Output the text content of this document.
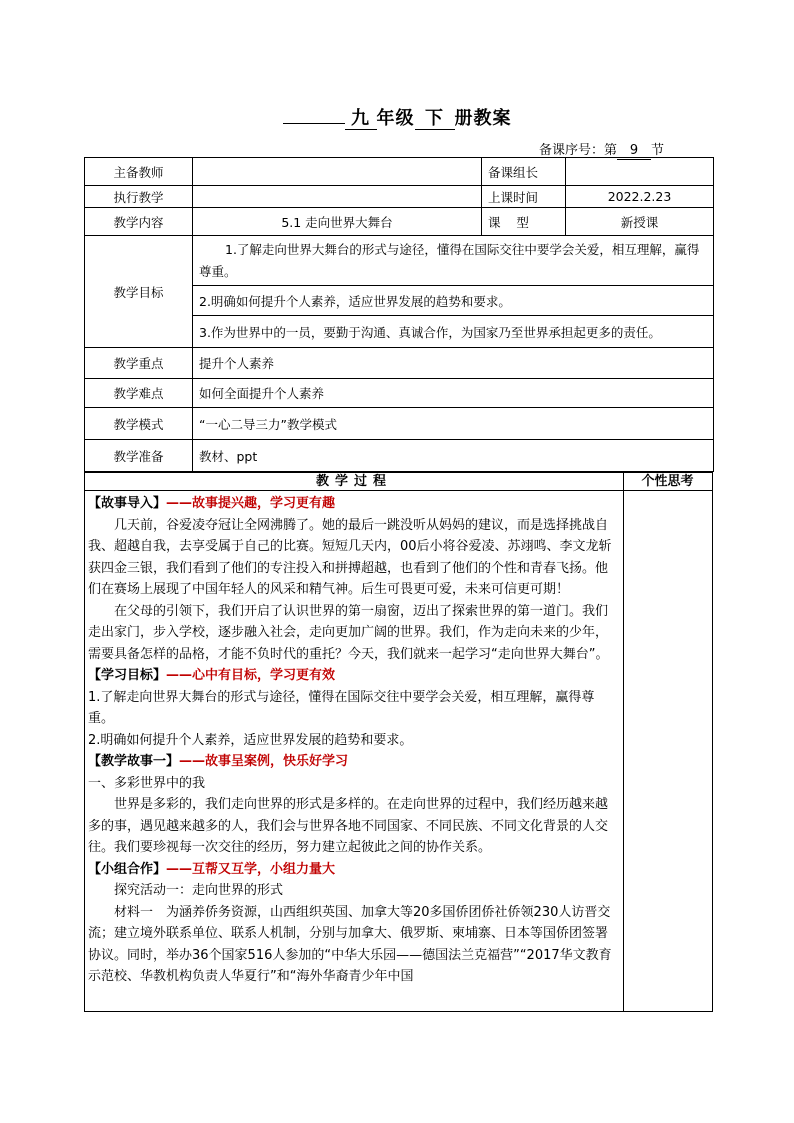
九 年级 下 册教案
备课序号：第 9 节
主备教师		备课组长	
执行教学		上课时间	2022.2.23
教学内容	5.1 走向世界大舞台	课    型	新授课
教学目标	1.了解走向世界大舞台的形式与途径，懂得在国际交往中要学会关爱，相互理解，赢得尊重。		
	2.明确如何提升个人素养，适应世界发展的趋势和要求。		
	3.作为世界中的一员，要勤于沟通、真诚合作，为国家乃至世界承担起更多的责任。		
教学重点	提升个人素养		
教学难点	如何全面提升个人素养		
教学模式	“一心二导三力”教学模式		
教学准备	教材、ppt		
教学过程	个性思考

【故事导入】——故事提兴趣，学习更有趣

几天前，谷爱凌夺冠让全网沸腾了。她的最后一跳没听从妈妈的建议，而是选择挑战自我、超越自我，去享受属于自己的比赛。短短几天内，00后小将谷爱凌、苏翊鸣、李文龙斩获四金三银，我们看到了他们的专注投入和拼搏超越，也看到了他们的个性和青春飞扬。他们在赛场上展现了中国年轻人的风采和精气神。后生可畏更可爱，未来可信更可期！

在父母的引领下，我们开启了认识世界的第一扇窗，迈出了探索世界的第一道门。我们走出家门，步入学校，逐步融入社会，走向更加广阔的世界。我们，作为走向未来的少年，需要具备怎样的品格，才能不负时代的重托？今天，我们就来一起学习“走向世界大舞台”。

【学习目标】——心中有目标，学习更有效

1.了解走向世界大舞台的形式与途径，懂得在国际交往中要学会关爱，相互理解，赢得尊重。

2.明确如何提升个人素养，适应世界发展的趋势和要求。

【教学故事一】——故事呈案例，快乐好学习

一、多彩世界中的我

世界是多彩的，我们走向世界的形式是多样的。在走向世界的过程中，我们经历越来越多的事，遇见越来越多的人，我们会与世界各地不同国家、不同民族、不同文化背景的人交往。我们要珍视每一次交往的经历，努力建立起彼此之间的协作关系。

【小组合作】——互帮又互学，小组力量大

探究活动一：走向世界的形式

材料一　为涵养侨务资源，山西组织英国、加拿大等20多国侨团侨社侨领230人访晋交流；建立境外联系单位、联系人机制，分别与加拿大、俄罗斯、柬埔寨、日本等国侨团签署协议。同时，举办36个国家516人参加的“中华大乐园——德国法兰克福营”“2017华文教育示范校、华教机构负责人华夏行”和“海外华裔青少年中国
